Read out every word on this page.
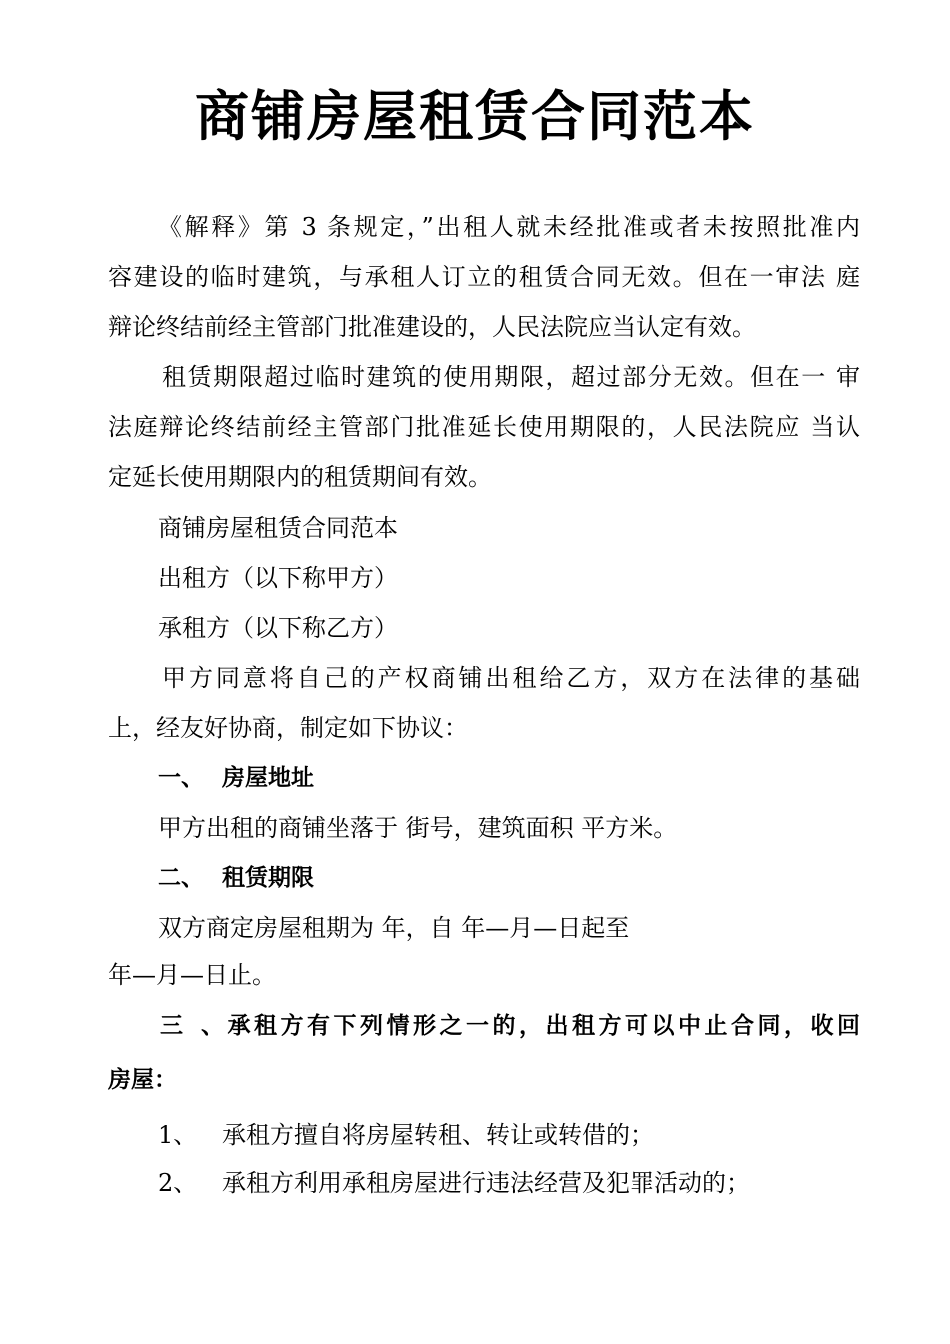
商铺房屋租赁合同范本
《解释》第 3 条规定，”出租人就未经批准或者未按照批准内
容建设的临时建筑，与承租人订立的租赁合同无效。但在一审法 庭
辩论终结前经主管部门批准建设的，人民法院应当认定有效。
租赁期限超过临时建筑的使用期限，超过部分无效。但在一 审
法庭辩论终结前经主管部门批准延长使用期限的，人民法院应 当认
定延长使用期限内的租赁期间有效。
商铺房屋租赁合同范本
出租方（以下称甲方）
承租方（以下称乙方）
甲方同意将自己的产权商铺出租给乙方，双方在法律的基础
上，经友好协商，制定如下协议：
一、 房屋地址
甲方出租的商铺坐落于 街号，建筑面积 平方米。
二、 租赁期限
双方商定房屋租期为 年，自 年—月—日起至
年—月—日止。
三、承租方有下列情形之一的，出租方可以中止合同，收回
房屋：
1、 承租方擅自将房屋转租、转让或转借的；
2、 承租方利用承租房屋进行违法经营及犯罪活动的；
